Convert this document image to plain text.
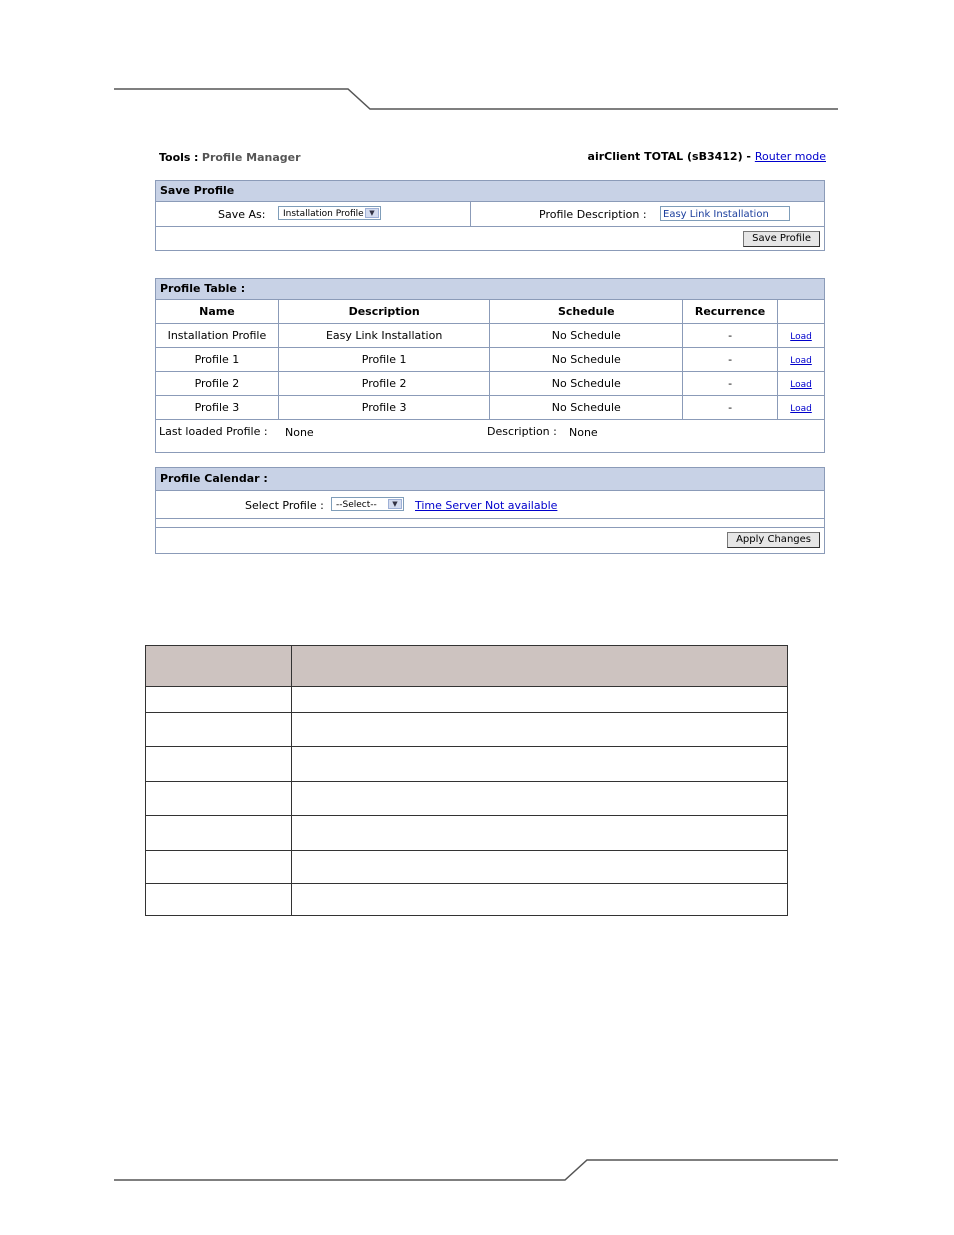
Tools : Profile Manager	airClient TOTAL (sB3412) - Router mode
Save Profile
Save As:	Installation Profile ▼	Profile Description :	Easy Link Installation
Save Profile
Profile Table :
Name	Description	Schedule	Recurrence	
Installation Profile	Easy Link Installation	No Schedule	-	Load
Profile 1	Profile 1	No Schedule	-	Load
Profile 2	Profile 2	No Schedule	-	Load
Profile 3	Profile 3	No Schedule	-	Load
Last loaded Profile : None	Description : None
Profile Calendar :
Select Profile :	--Select--	▼	Time Server Not available
Apply Changes
